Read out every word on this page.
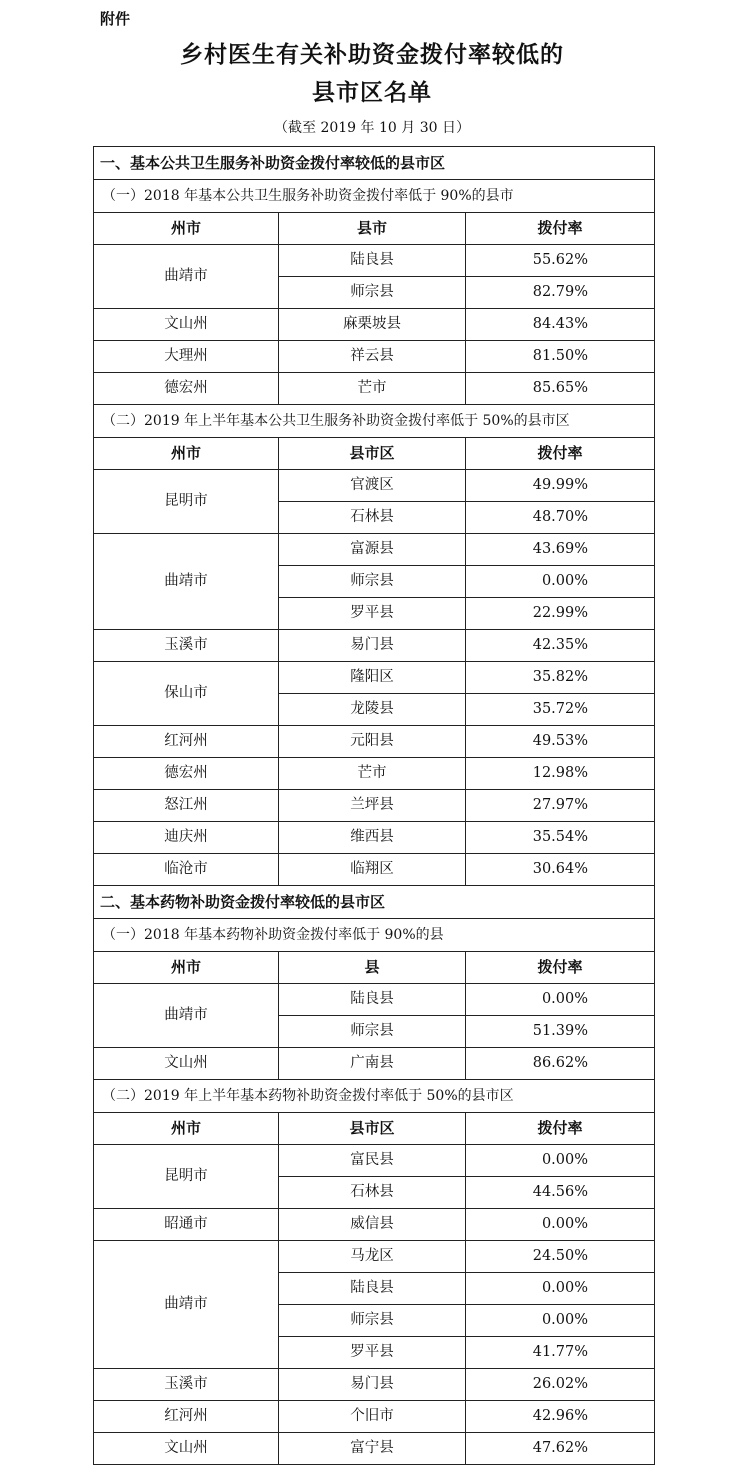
附件
乡村医生有关补助资金拨付率较低的
县市区名单
（截至 2019 年 10 月 30 日）
一、基本公共卫生服务补助资金拨付率较低的县市区		
（一）2018 年基本公共卫生服务补助资金拨付率低于 90%的县市		
州市	县市	拨付率
曲靖市	陆良县	55.62%
	师宗县	82.79%
文山州	麻栗坡县	84.43%
大理州	祥云县	81.50%
德宏州	芒市	85.65%
（二）2019 年上半年基本公共卫生服务补助资金拨付率低于 50%的县市区		
州市	县市区	拨付率
昆明市	官渡区	49.99%
	石林县	48.70%
曲靖市	富源县	43.69%
	师宗县	0.00%
	罗平县	22.99%
玉溪市	易门县	42.35%
保山市	隆阳区	35.82%
	龙陵县	35.72%
红河州	元阳县	49.53%
德宏州	芒市	12.98%
怒江州	兰坪县	27.97%
迪庆州	维西县	35.54%
临沧市	临翔区	30.64%
二、基本药物补助资金拨付率较低的县市区		
（一）2018 年基本药物补助资金拨付率低于 90%的县		
州市	县	拨付率
曲靖市	陆良县	0.00%
	师宗县	51.39%
文山州	广南县	86.62%
（二）2019 年上半年基本药物补助资金拨付率低于 50%的县市区		
州市	县市区	拨付率
昆明市	富民县	0.00%
	石林县	44.56%
昭通市	威信县	0.00%
曲靖市	马龙区	24.50%
	陆良县	0.00%
	师宗县	0.00%
	罗平县	41.77%
玉溪市	易门县	26.02%
红河州	个旧市	42.96%
文山州	富宁县	47.62%
